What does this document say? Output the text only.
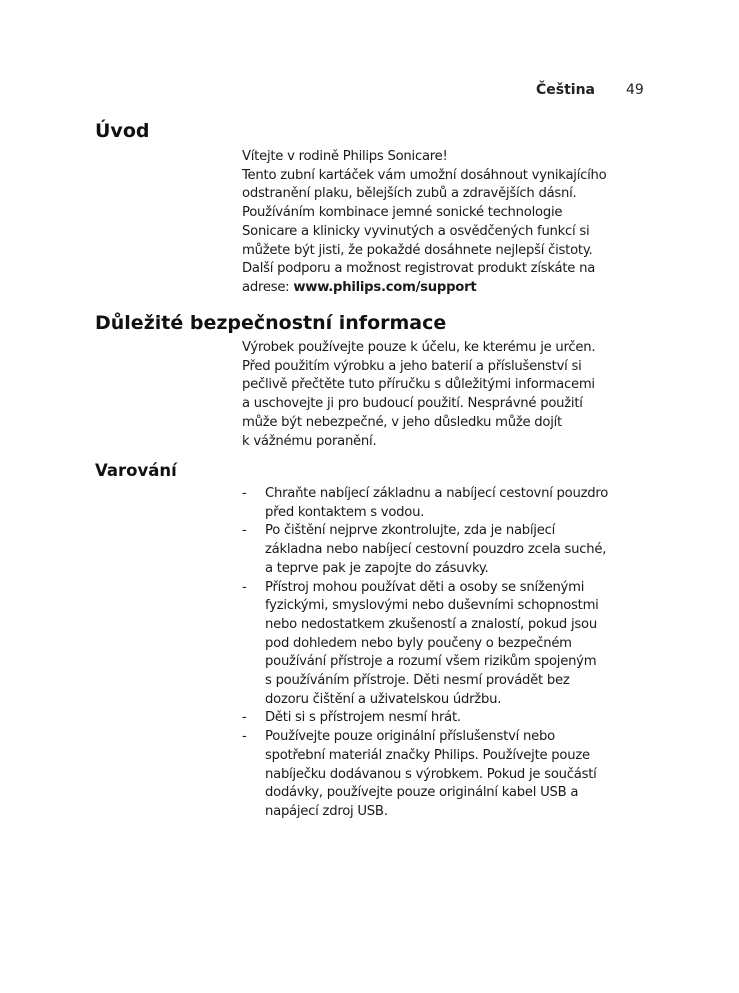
Čeština 49
Úvod
Vítejte v rodině Philips Sonicare!
Tento zubní kartáček vám umožní dosáhnout vynikajícího
odstranění plaku, bělejších zubů a zdravějších dásní.
Používáním kombinace jemné sonické technologie
Sonicare a klinicky vyvinutých a osvědčených funkcí si
můžete být jisti, že pokaždé dosáhnete nejlepší čistoty.
Další podporu a možnost registrovat produkt získáte na
adrese: www.philips.com/support
Důležité bezpečnostní informace
Výrobek používejte pouze k účelu, ke kterému je určen.
Před použitím výrobku a jeho baterií a příslušenství si
pečlivě přečtěte tuto příručku s důležitými informacemi
a uschovejte ji pro budoucí použití. Nesprávné použití
může být nebezpečné, v jeho důsledku může dojít
k vážnému poranění.
Varování
- Chraňte nabíjecí základnu a nabíjecí cestovní pouzdro
před kontaktem s vodou.
- Po čištění nejprve zkontrolujte, zda je nabíjecí
základna nebo nabíjecí cestovní pouzdro zcela suché,
a teprve pak je zapojte do zásuvky.
- Přístroj mohou používat děti a osoby se sníženými
fyzickými, smyslovými nebo duševními schopnostmi
nebo nedostatkem zkušeností a znalostí, pokud jsou
pod dohledem nebo byly poučeny o bezpečném
používání přístroje a rozumí všem rizikům spojeným
s používáním přístroje. Děti nesmí provádět bez
dozoru čištění a uživatelskou údržbu.
- Děti si s přístrojem nesmí hrát.
- Používejte pouze originální příslušenství nebo
spotřební materiál značky Philips. Používejte pouze
nabíječku dodávanou s výrobkem. Pokud je součástí
dodávky, používejte pouze originální kabel USB a
napájecí zdroj USB.
